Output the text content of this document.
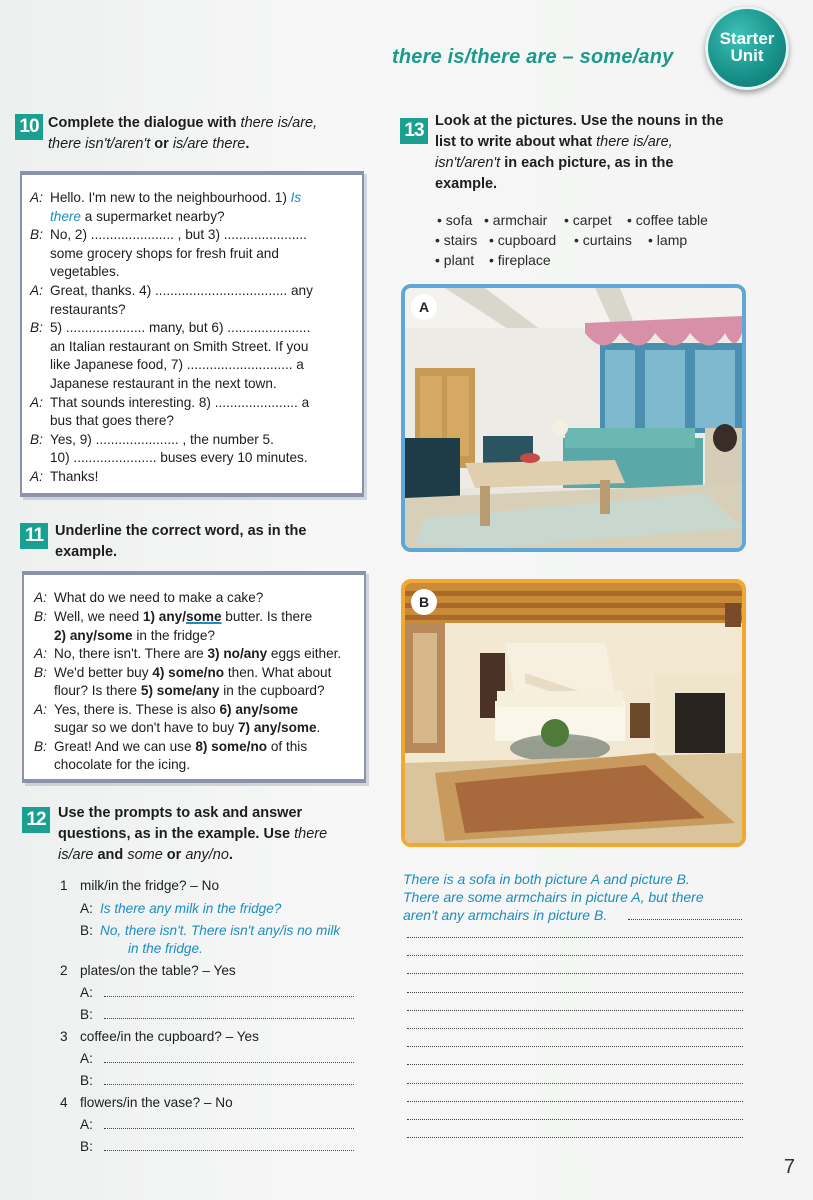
there is/there are – some/any
Starter
Unit
10 Complete the dialogue with there is/are,
there isn't/aren't or is/are there.
A: Hello. I'm new to the neighbourhood. 1) Is
there a supermarket nearby?
B: No, 2) ...................... , but 3) ......................
some grocery shops for fresh fruit and
vegetables.
A: Great, thanks. 4) ................................... any
restaurants?
B: 5) ..................... many, but 6) ......................
an Italian restaurant on Smith Street. If you
like Japanese food, 7) ............................ a
Japanese restaurant in the next town.
A: That sounds interesting. 8) ...................... a
bus that goes there?
B: Yes, 9) ...................... , the number 5.
10) ...................... buses every 10 minutes.
A: Thanks!
11 Underline the correct word, as in the
example.
A: What do we need to make a cake?
B: Well, we need 1) any/some butter. Is there
2) any/some in the fridge?
A: No, there isn't. There are 3) no/any eggs either.
B: We'd better buy 4) some/no then. What about
flour? Is there 5) some/any in the cupboard?
A: Yes, there is. These is also 6) any/some
sugar so we don't have to buy 7) any/some.
B: Great! And we can use 8) some/no of this
chocolate for the icing.
12 Use the prompts to ask and answer
questions, as in the example. Use there
is/are and some or any/no.
1 milk/in the fridge? – No
A: Is there any milk in the fridge?
B: No, there isn't. There isn't any/is no milk
in the fridge.
2 plates/on the table? – Yes
A:
B:
3 coffee/in the cupboard? – Yes
A:
B:
4 flowers/in the vase? – No
A:
B:
13 Look at the pictures. Use the nouns in the
list to write about what there is/are,
isn't/aren't in each picture, as in the
example.
• sofa • armchair • carpet • coffee table
• stairs • cupboard • curtains • lamp
• plant • fireplace
A
B
There is a sofa in both picture A and picture B.
There are some armchairs in picture A, but there
aren't any armchairs in picture B.
7
